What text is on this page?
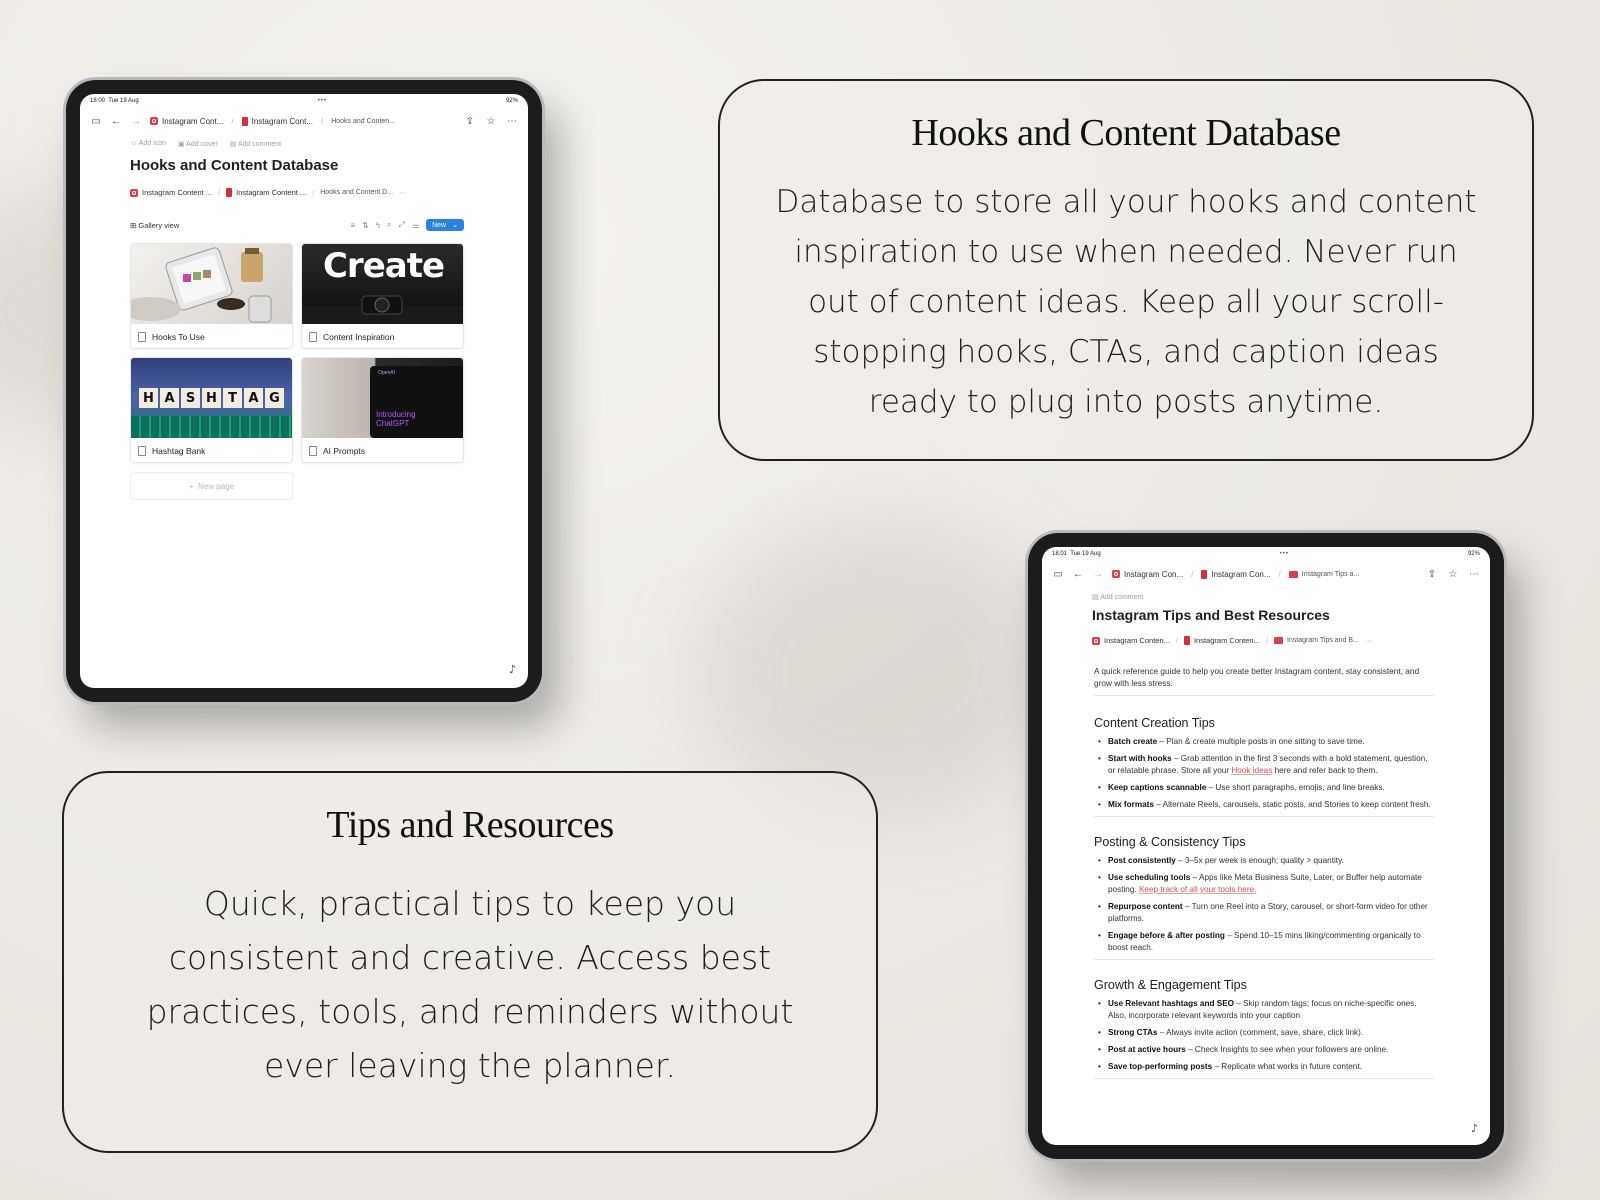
18:00 Tue 19 Aug	•••	92%
▭ ← →	Instagram Cont... / Instagram Cont... / Hooks and Conten...	⇪ ☆ ⋯
☺ Add icon ▣ Add cover ▤ Add comment
Hooks and Content Database
Instagram Content ... / Instagram Content ... / Hooks and Content D... ⋯
⊞ Gallery view	≡ ⇅ ϟ ⌕ ⤢ ⚌ New ⌄
Hooks To Use
Create
Content Inspiration
H A S H T A G
Hashtag Bank
OpenAI
Introducing ChatGPT
AI Prompts
+ New page
♪
Hooks and Content Database
Database to store all your hooks and content inspiration to use when needed. Never run out of content ideas. Keep all your scroll-stopping hooks, CTAs, and caption ideas ready to plug into posts anytime.
Tips and Resources
Quick, practical tips to keep you consistent and creative. Access best practices, tools, and reminders without ever leaving the planner.
18:01 Tue 19 Aug	•••	92%
▭ ← →	Instagram Con... / Instagram Con... /	Instagram Tips a...	⇪ ☆ ⋯
▤ Add comment
Instagram Tips and Best Resources
Instagram Conten... / Instagram Conten... /	Instagram Tips and B... ⋯

A quick reference guide to help you create better Instagram content, stay consistent, and grow with less stress.

Content Creation Tips
• Batch create – Plan & create multiple posts in one sitting to save time.
• Start with hooks – Grab attention in the first 3 seconds with a bold statement, question, or relatable phrase. Store all your Hook ideas here and refer back to them.
• Keep captions scannable – Use short paragraphs, emojis, and line breaks.
• Mix formats – Alternate Reels, carousels, static posts, and Stories to keep content fresh.
Posting & Consistency Tips
• Post consistently – 3–5x per week is enough; quality > quantity.
• Use scheduling tools – Apps like Meta Business Suite, Later, or Buffer help automate posting. Keep track of all your tools here.
• Repurpose content – Turn one Reel into a Story, carousel, or short-form video for other platforms.
• Engage before & after posting – Spend 10–15 mins liking/commenting organically to boost reach.
Growth & Engagement Tips
• Use Relevant hashtags and SEO – Skip random tags; focus on niche-specific ones. Also, incorporate relevant keywords into your caption
• Strong CTAs – Always invite action (comment, save, share, click link).
• Post at active hours – Check Insights to see when your followers are online.
• Save top-performing posts – Replicate what works in future content.
♪
